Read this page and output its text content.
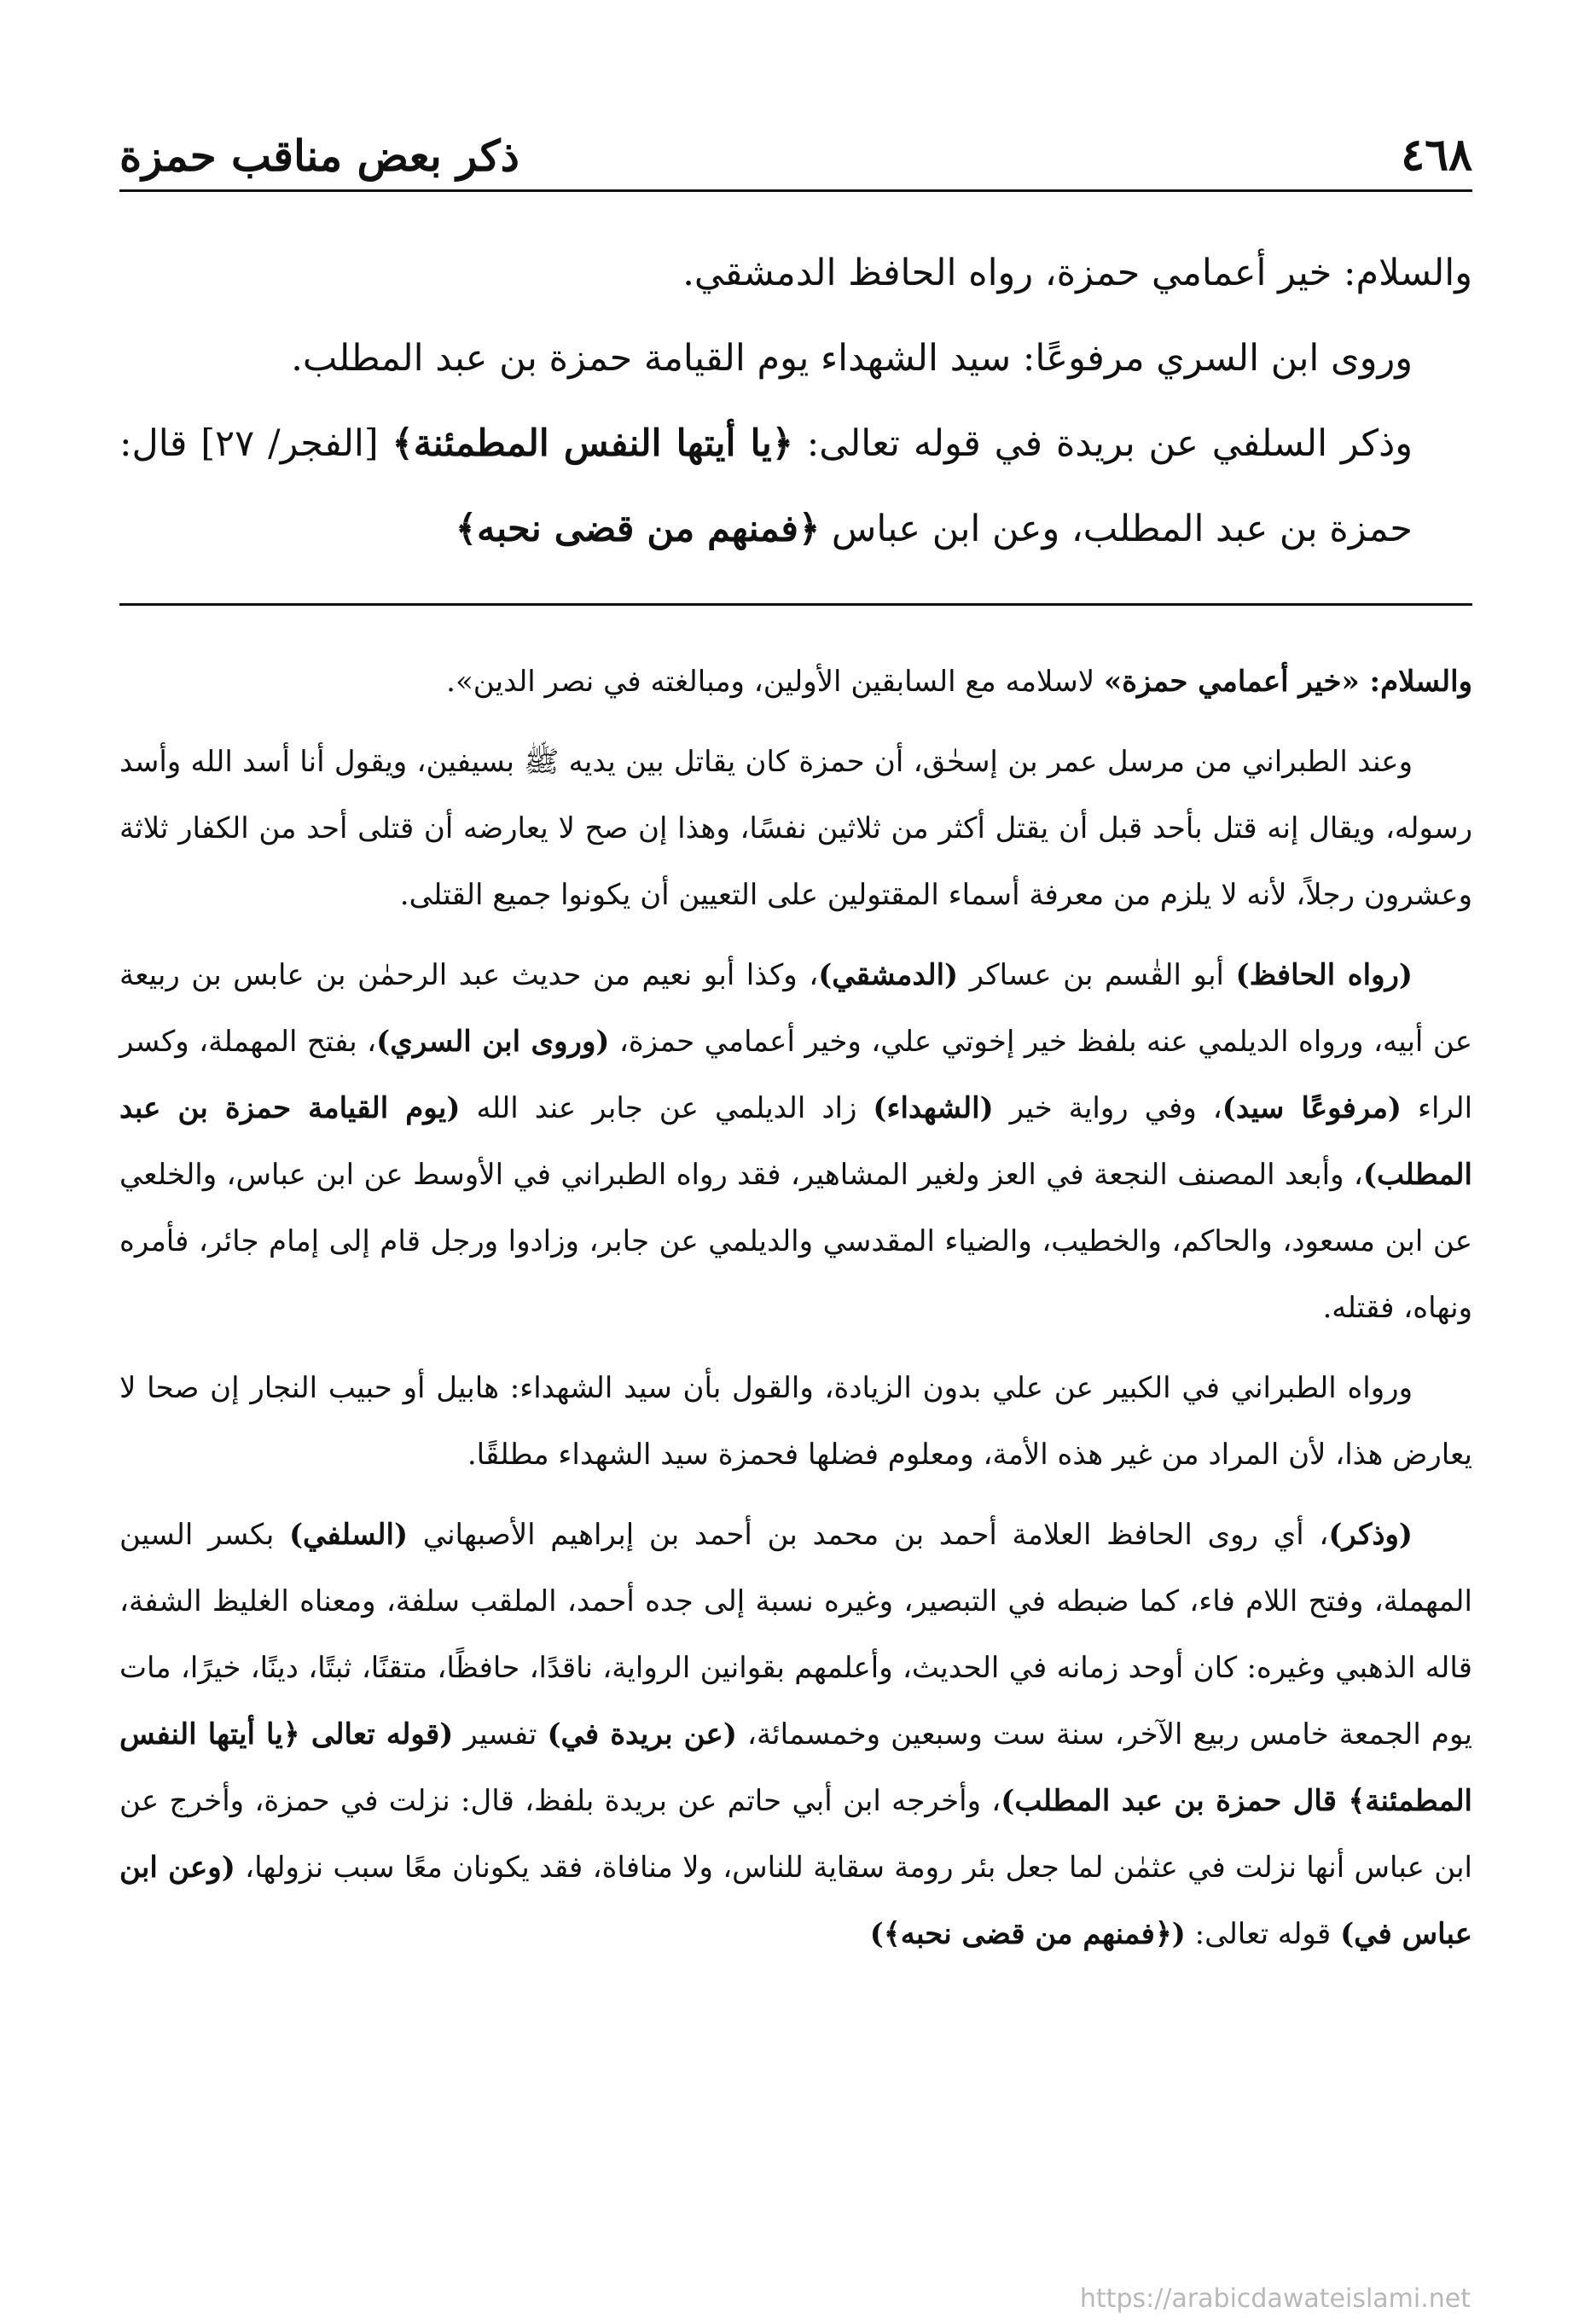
٤٦٨
ذكر بعض مناقب حمزة

والسلام: خير أعمامي حمزة، رواه الحافظ الدمشقي.

وروى ابن السري مرفوعًا: سيد الشهداء يوم القيامة حمزة بن عبد المطلب.

وذكر السلفي عن بريدة في قوله تعالى: ﴿يا أيتها النفس المطمئنة﴾ [الفجر/ ٢٧] قال: حمزة بن عبد المطلب، وعن ابن عباس ﴿فمنهم من قضى نحبه﴾

والسلام: «خير أعمامي حمزة» لاسلامه مع السابقين الأولين، ومبالغته في نصر الدين».

وعند الطبراني من مرسل عمر بن إسحٰق، أن حمزة كان يقاتل بين يديه ﷺ بسيفين، ويقول أنا أسد الله وأسد رسوله، ويقال إنه قتل بأحد قبل أن يقتل أكثر من ثلاثين نفسًا، وهذا إن صح لا يعارضه أن قتلى أحد من الكفار ثلاثة وعشرون رجلاً، لأنه لا يلزم من معرفة أسماء المقتولين على التعيين أن يكونوا جميع القتلى.

(رواه الحافظ) أبو القٰسم بن عساكر (الدمشقي)، وكذا أبو نعيم من حديث عبد الرحمٰن بن عابس بن ربيعة عن أبيه، ورواه الديلمي عنه بلفظ خير إخوتي علي، وخير أعمامي حمزة، (وروى ابن السري)، بفتح المهملة، وكسر الراء (مرفوعًا سيد)، وفي رواية خير (الشهداء) زاد الديلمي عن جابر عند الله (يوم القيامة حمزة بن عبد المطلب)، وأبعد المصنف النجعة في العز ولغير المشاهير، فقد رواه الطبراني في الأوسط عن ابن عباس، والخلعي عن ابن مسعود، والحاكم، والخطيب، والضياء المقدسي والديلمي عن جابر، وزادوا ورجل قام إلى إمام جائر، فأمره ونهاه، فقتله.

ورواه الطبراني في الكبير عن علي بدون الزيادة، والقول بأن سيد الشهداء: هابيل أو حبيب النجار إن صحا لا يعارض هذا، لأن المراد من غير هذه الأمة، ومعلوم فضلها فحمزة سيد الشهداء مطلقًا.

(وذكر)، أي روى الحافظ العلامة أحمد بن محمد بن أحمد بن إبراهيم الأصبهاني (السلفي) بكسر السين المهملة، وفتح اللام فاء، كما ضبطه في التبصير، وغيره نسبة إلى جده أحمد، الملقب سلفة، ومعناه الغليظ الشفة، قاله الذهبي وغيره: كان أوحد زمانه في الحديث، وأعلمهم بقوانين الرواية، ناقدًا، حافظًا، متقنًا، ثبتًا، دينًا، خيرًا، مات يوم الجمعة خامس ربيع الآخر، سنة ست وسبعين وخمسمائة، (عن بريدة في) تفسير (قوله تعالى ﴿يا أيتها النفس المطمئنة﴾ قال حمزة بن عبد المطلب)، وأخرجه ابن أبي حاتم عن بريدة بلفظ، قال: نزلت في حمزة، وأخرج عن ابن عباس أنها نزلت في عثمٰن لما جعل بئر رومة سقاية للناس، ولا منافاة، فقد يكونان معًا سبب نزولها، (وعن ابن عباس في) قوله تعالى: (﴿فمنهم من قضى نحبه﴾)

https://arabicdawateislami.net
